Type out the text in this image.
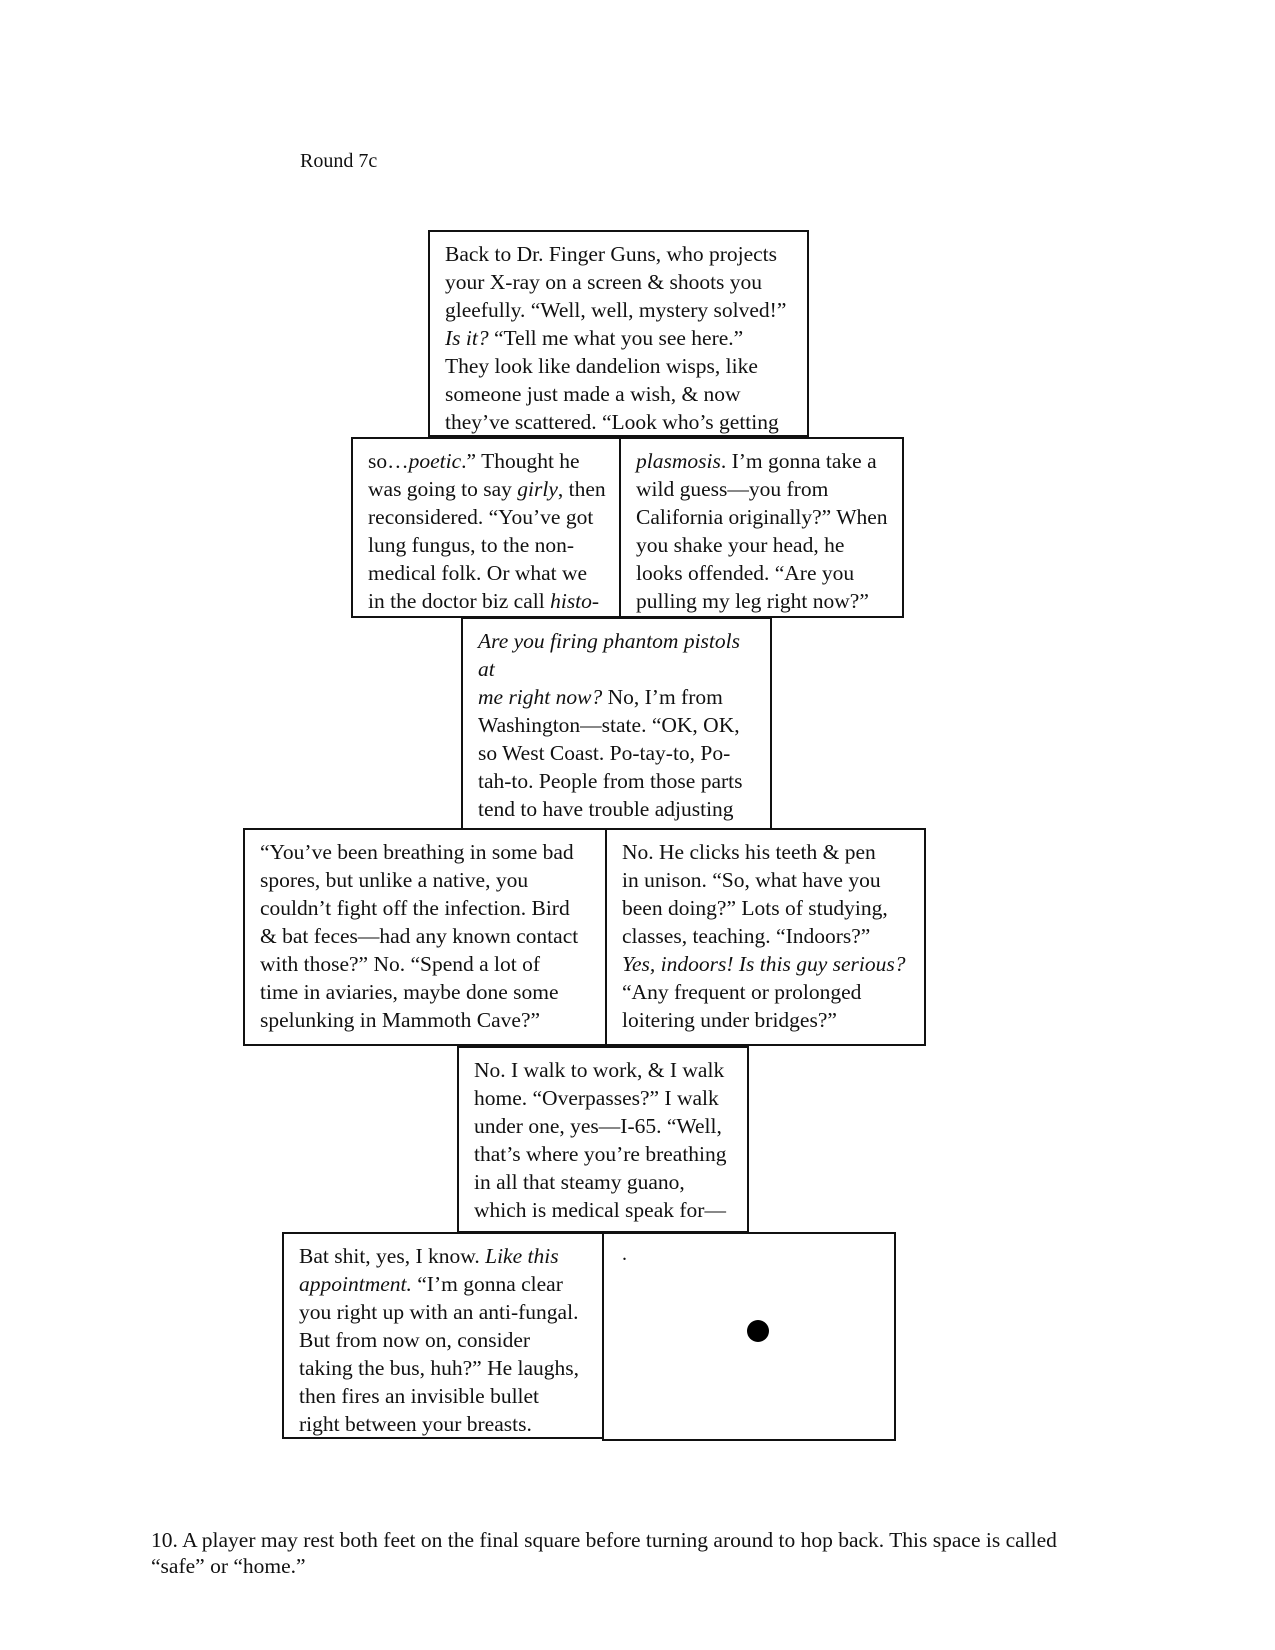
Round 7c

Back to Dr. Finger Guns, who projects

your X-ray on a screen & shoots you

gleefully. “Well, well, mystery solved!”

Is it? “Tell me what you see here.”

They look like dandelion wisps, like

someone just made a wish, & now

they’ve scattered. “Look who’s getting

so…poetic.” Thought he

was going to say girly, then

reconsidered. “You’ve got

lung fungus, to the non-

medical folk. Or what we

in the doctor biz call histo-

plasmosis. I’m gonna take a

wild guess—you from

California originally?” When

you shake your head, he

looks offended. “Are you

pulling my leg right now?”

Are you firing phantom pistols at

me right now? No, I’m from

Washington—state. “OK, OK,

so West Coast. Po-tay-to, Po-

tah-to. People from those parts

tend to have trouble adjusting

“You’ve been breathing in some bad

spores, but unlike a native, you

couldn’t fight off the infection. Bird

& bat feces—had any known contact

with those?” No. “Spend a lot of

time in aviaries, maybe done some

spelunking in Mammoth Cave?”

No. He clicks his teeth & pen

in unison. “So, what have you

been doing?” Lots of studying,

classes, teaching. “Indoors?”

Yes, indoors! Is this guy serious?

“Any frequent or prolonged

loitering under bridges?”

No. I walk to work, & I walk

home. “Overpasses?” I walk

under one, yes—I-65. “Well,

that’s where you’re breathing

in all that steamy guano,

which is medical speak for—

Bat shit, yes, I know. Like this

appointment. “I’m gonna clear

you right up with an anti-fungal.

But from now on, consider

taking the bus, huh?” He laughs,

then fires an invisible bullet

right between your breasts.

.

10. A player may rest both feet on the final square before turning around to hop back. This space is called “safe” or “home.”
